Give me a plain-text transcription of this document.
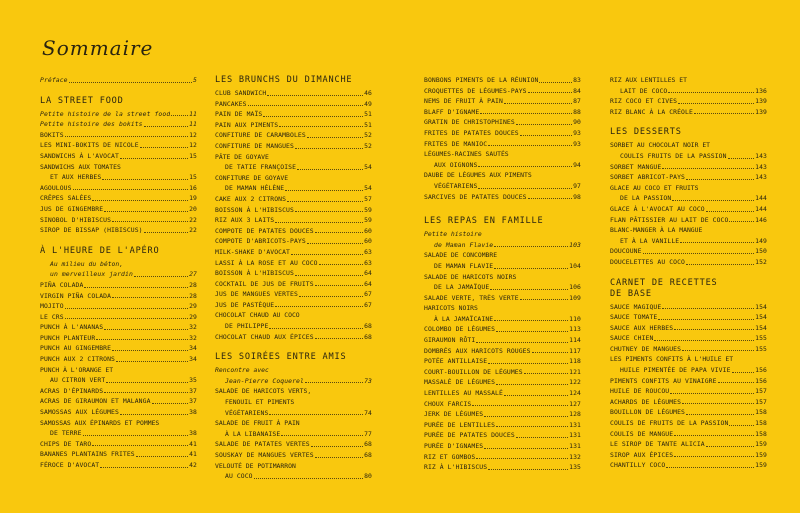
Sommaire
Préface	5
LA STREET FOOD
Petite histoire de la street food	11
Petite histoire des bokits	11
BOKITS	12
LES MINI-BOKITS DE NICOLE	12
SANDWICHS À L'AVOCAT	15
SANDWICHS AUX TOMATES
ET AUX HERBES	15
AGOULOUS	16
CRÊPES SALÉES	19
JUS DE GINGEMBRE	20
SINOBOL D'HIBISCUS	22
SIROP DE BISSAP (HIBISCUS)	22
À L'HEURE DE L'APÉRO
Au milieu du béton,
un merveilleux jardin	27
PIÑA COLADA	28
VIRGIN PIÑA COLADA	28
MOJITO	29
LE CRS	29
PUNCH À L'ANANAS	32
PUNCH PLANTEUR	32
PUNCH AU GINGEMBRE	34
PUNCH AUX 2 CITRONS	34
PUNCH À L'ORANGE ET
AU CITRON VERT	35
ACRAS D'ÉPINARDS	37
ACRAS DE GIRAUMON ET MALANGA	37
SAMOSSAS AUX LÉGUMES	38
SAMOSSAS AUX ÉPINARDS ET POMMES
DE TERRE	38
CHIPS DE TARO	41
BANANES PLANTAINS FRITES	41
FÉROCE D'AVOCAT	42
LES BRUNCHS DU DIMANCHE
CLUB SANDWICH	46
PANCAKES	49
PAIN DE MAÏS	51
PAIN AUX PIMENTS	51
CONFITURE DE CARAMBOLES	52
CONFITURE DE MANGUES	52
PÂTE DE GOYAVE
DE TATIE FRANÇOISE	54
CONFITURE DE GOYAVE
DE MAMAN HÉLÈNE	54
CAKE AUX 2 CITRONS	57
BOISSON À L'HIBISCUS	59
RIZ AUX 3 LAITS	59
COMPOTE DE PATATES DOUCES	60
COMPOTE D'ABRICOTS-PAYS	60
MILK-SHAKE D'AVOCAT	63
LASSI À LA ROSE ET AU COCO	63
BOISSON À L'HIBISCUS	64
COCKTAIL DE JUS DE FRUITS	64
JUS DE MANGUES VERTES	67
JUS DE PASTÈQUE	67
CHOCOLAT CHAUD AU COCO
DE PHILIPPE	68
CHOCOLAT CHAUD AUX ÉPICES	68
LES SOIRÉES ENTRE AMIS
Rencontre avec
Jean-Pierre Coquerel	73
SALADE DE HARICOTS VERTS,
FENOUIL ET PIMENTS
VÉGÉTARIENS	74
SALADE DE FRUIT À PAIN
À LA LIBANAISE	77
SALADE DE PATATES VERTES	68
SOUSKAY DE MANGUES VERTES	68
VELOUTÉ DE POTIMARRON
AU COCO	80
BONBONS PIMENTS DE LA RÉUNION	83
CROQUETTES DE LÉGUMES-PAYS	84
NEMS DE FRUIT À PAIN	87
BLAFF D'IGNAME	88
GRATIN DE CHRISTOPHINES	90
FRITES DE PATATES DOUCES	93
FRITES DE MANIOC	93
LÉGUMES-RACINES SAUTÉS
AUX OIGNONS	94
DAUBE DE LÉGUMES AUX PIMENTS
VÉGÉTARIENS	97
SARCIVES DE PATATES DOUCES	98
LES REPAS EN FAMILLE
Petite histoire
de Maman Flavie	103
SALADE DE CONCOMBRE
DE MAMAN FLAVIE	104
SALADE DE HARICOTS NOIRS
DE LA JAMAÏQUE	106
SALADE VERTE, TRÈS VERTE	109
HARICOTS NOIRS
À LA JAMAÏCAINE	110
COLOMBO DE LÉGUMES	113
GIRAUMON RÔTI	114
DOMBRÉS AUX HARICOTS ROUGES	117
POTÉE ANTILLAISE	118
COURT-BOUILLON DE LÉGUMES	121
MASSALÉ DE LÉGUMES	122
LENTILLES AU MASSALÉ	124
CHOUX FARCIS	127
JERK DE LÉGUMES	128
PURÉE DE LENTILLES	131
PURÉE DE PATATES DOUCES	131
PURÉE D'IGNAMES	131
RIZ ET GOMBOS	132
RIZ À L'HIBISCUS	135
RIZ AUX LENTILLES ET
LAIT DE COCO	136
RIZ COCO ET CIVES	139
RIZ BLANC À LA CRÉOLE	139
LES DESSERTS
SORBET AU CHOCOLAT NOIR ET
COULIS FRUITS DE LA PASSION	143
SORBET MANGUE	143
SORBET ABRICOT-PAYS	143
GLACE AU COCO ET FRUITS
DE LA PASSION	144
GLACE À L'AVOCAT AU COCO	144
FLAN PÂTISSIER AU LAIT DE COCO	146
BLANC-MANGER À LA MANGUE
ET À LA VANILLE	149
DOUCOUNE	150
DOUCELETTES AU COCO	152
CARNET DE RECETTES
DE BASE
SAUCE MAGIQUE	154
SAUCE TOMATE	154
SAUCE AUX HERBES	154
SAUCE CHIEN	155
CHUTNEY DE MANGUES	155
LES PIMENTS CONFITS À L'HUILE ET
HUILE PIMENTÉE DE PAPA VIVIE	156
PIMENTS CONFITS AU VINAIGRE	156
HUILE DE ROUCOU	157
ACHARDS DE LÉGUMES	157
BOUILLON DE LÉGUMES	158
COULIS DE FRUITS DE LA PASSION	158
COULIS DE MANGUE	158
LE SIROP DE TANTE ALICIA	159
SIROP AUX ÉPICES	159
CHANTILLY COCO	159
